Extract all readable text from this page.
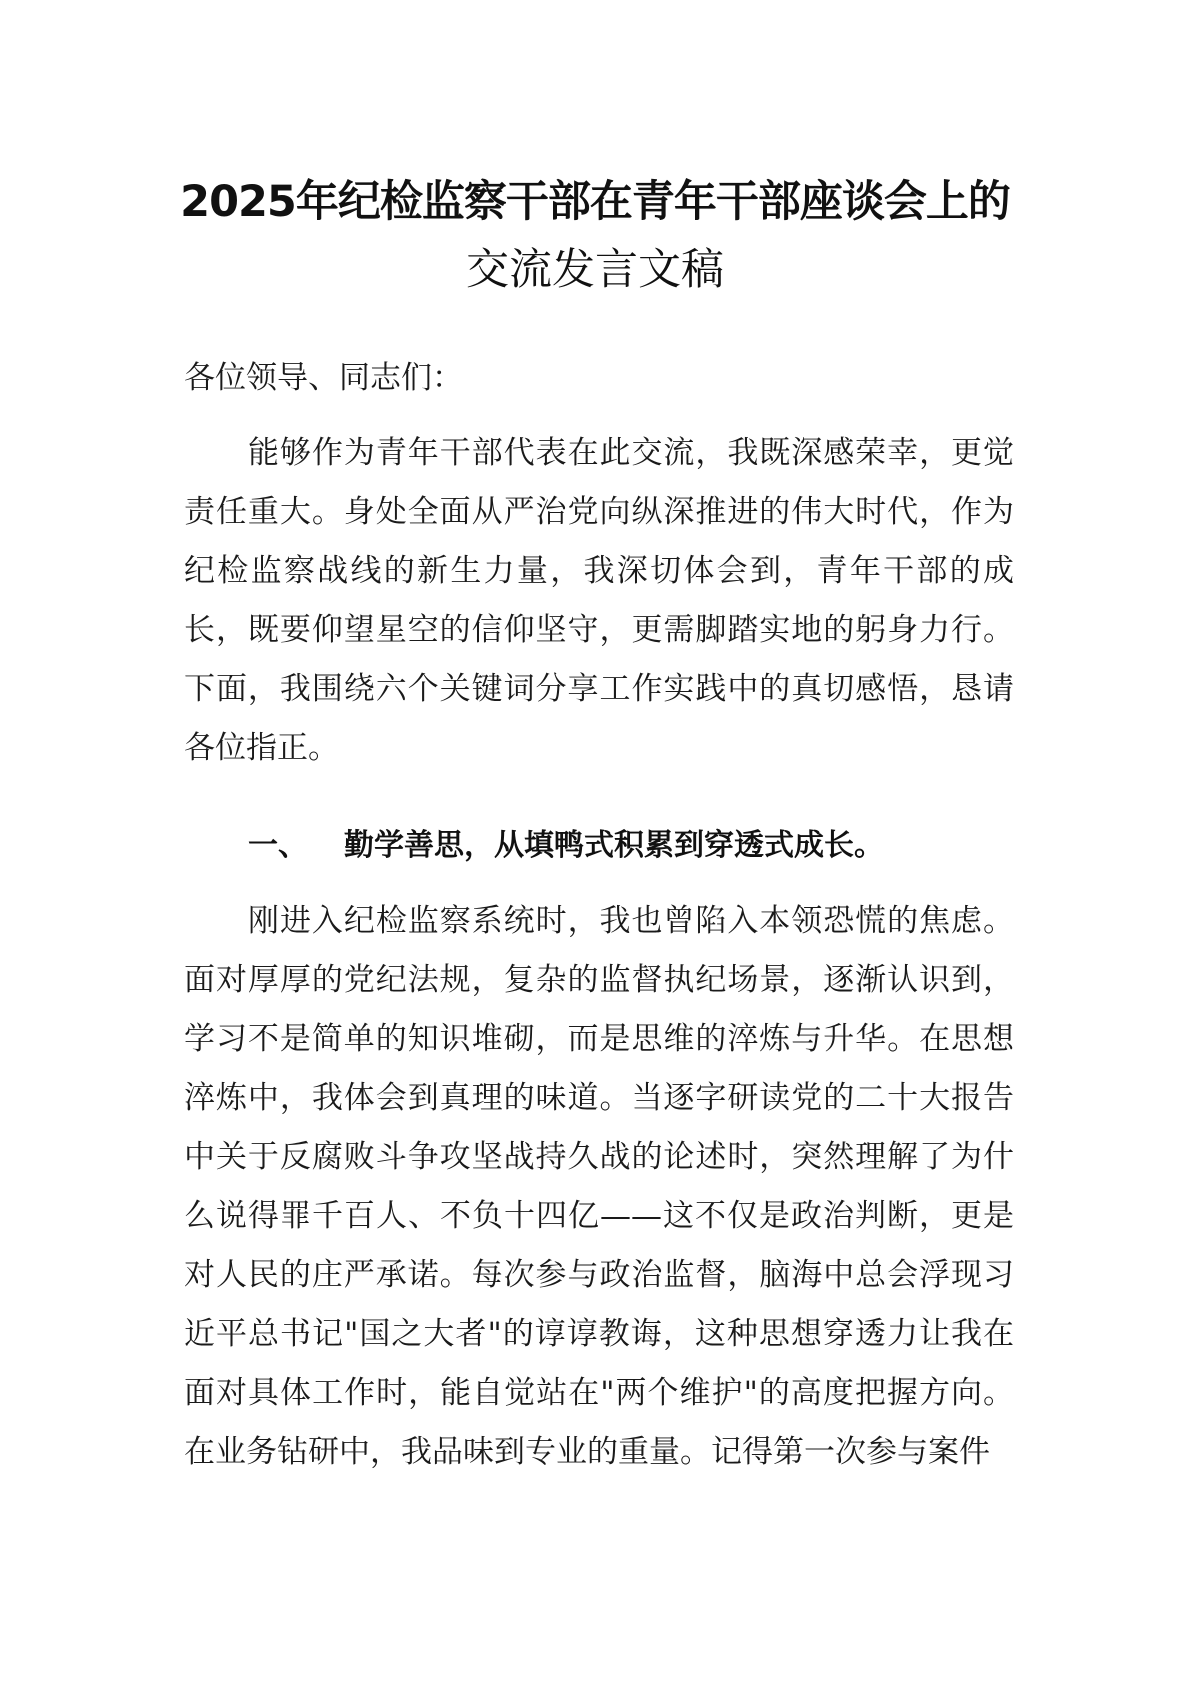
2025年纪检监察干部在青年干部座谈会上的
交流发言文稿
各位领导、同志们：
能够作为青年干部代表在此交流，我既深感荣幸，更觉责任重大。身处全面从严治党向纵深推进的伟大时代，作为纪检监察战线的新生力量，我深切体会到，青年干部的成长，既要仰望星空的信仰坚守，更需脚踏实地的躬身力行。下面，我围绕六个关键词分享工作实践中的真切感悟，恳请各位指正。
一、 勤学善思，从填鸭式积累到穿透式成长。
刚进入纪检监察系统时，我也曾陷入本领恐慌的焦虑。面对厚厚的党纪法规，复杂的监督执纪场景，逐渐认识到，学习不是简单的知识堆砌，而是思维的淬炼与升华。在思想淬炼中，我体会到真理的味道。当逐字研读党的二十大报告中关于反腐败斗争攻坚战持久战的论述时，突然理解了为什么说得罪千百人、不负十四亿——这不仅是政治判断，更是对人民的庄严承诺。每次参与政治监督，脑海中总会浮现习近平总书记"国之大者"的谆谆教诲，这种思想穿透力让我在面对具体工作时，能自觉站在"两个维护"的高度把握方向。在业务钻研中，我品味到专业的重量。记得第一次参与案件
